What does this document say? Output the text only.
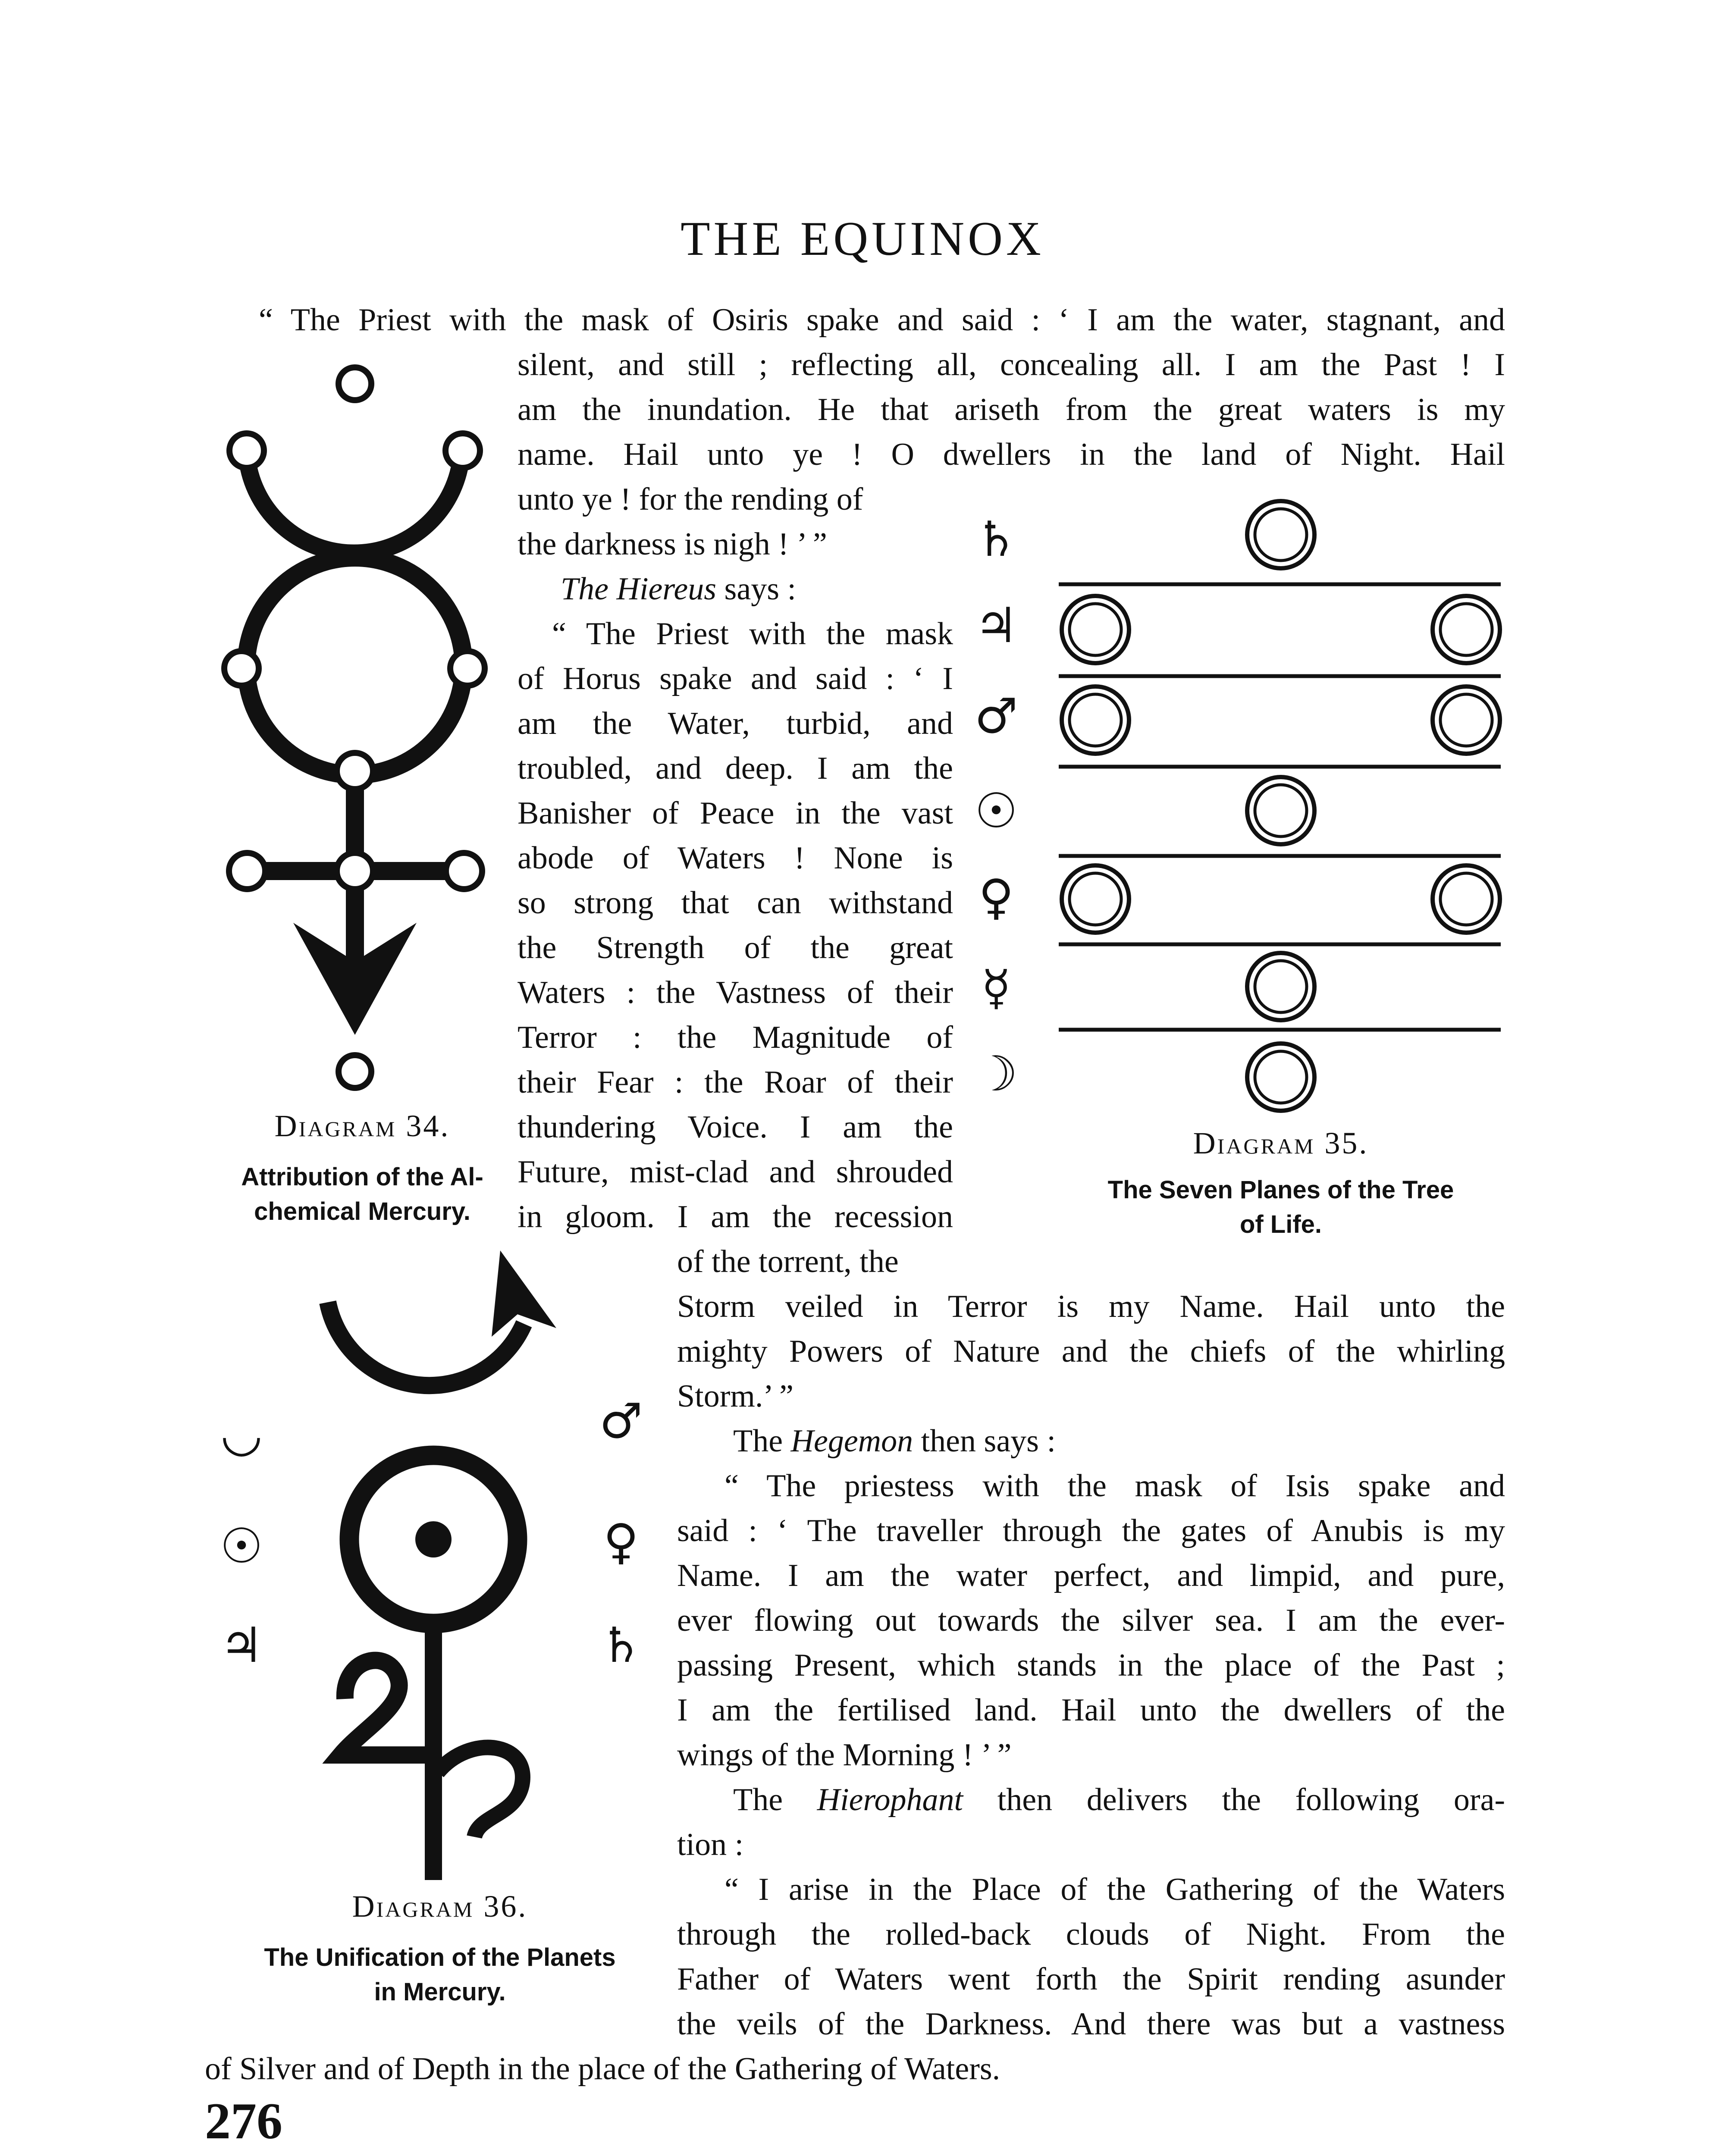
THE EQUINOX
“ The Priest with the mask of Osiris spake and said : ‘ I am the water, stagnant, and
silent, and still ; reflecting all, concealing all. I am the Past ! I
am the inundation. He that ariseth from the great waters is my
name. Hail unto ye ! O dwellers in the land of Night. Hail
unto ye ! for the rending of
the darkness is nigh ! ’ ”
The Hiereus says :
“ The Priest with the mask
of Horus spake and said : ‘ I
am the Water, turbid, and
troubled, and deep. I am the
Banisher of Peace in the vast
abode of Waters ! None is
so strong that can withstand
the Strength of the great
Waters : the Vastness of their
Terror : the Magnitude of
their Fear : the Roar of their
thundering Voice. I am the
Future, mist-clad and shrouded
in gloom. I am the recession
of the torrent, the
Storm veiled in Terror is my Name. Hail unto the
mighty Powers of Nature and the chiefs of the whirling
Storm.’ ”
The Hegemon then says :
“ The priestess with the mask of Isis spake and
said : ‘ The traveller through the gates of Anubis is my
Name. I am the water perfect, and limpid, and pure,
ever flowing out towards the silver sea. I am the ever-
passing Present, which stands in the place of the Past ;
I am the fertilised land. Hail unto the dwellers of the
wings of the Morning ! ’ ”
The Hierophant then delivers the following ora-
tion :
“ I arise in the Place of the Gathering of the Waters
through the rolled-back clouds of Night. From the
Father of Waters went forth the Spirit rending asunder
the veils of the Darkness. And there was but a vastness
of Silver and of Depth in the place of the Gathering of Waters.
Diagram 34.
Attribution of the Al-
chemical Mercury.
♄
♃
♂
☉
♀
☿
☽
Diagram 35.
The Seven Planes of the Tree
of Life.
◡
☉
♃
♂
♀
♄
Diagram 36.
The Unification of the Planets
in Mercury.
276
